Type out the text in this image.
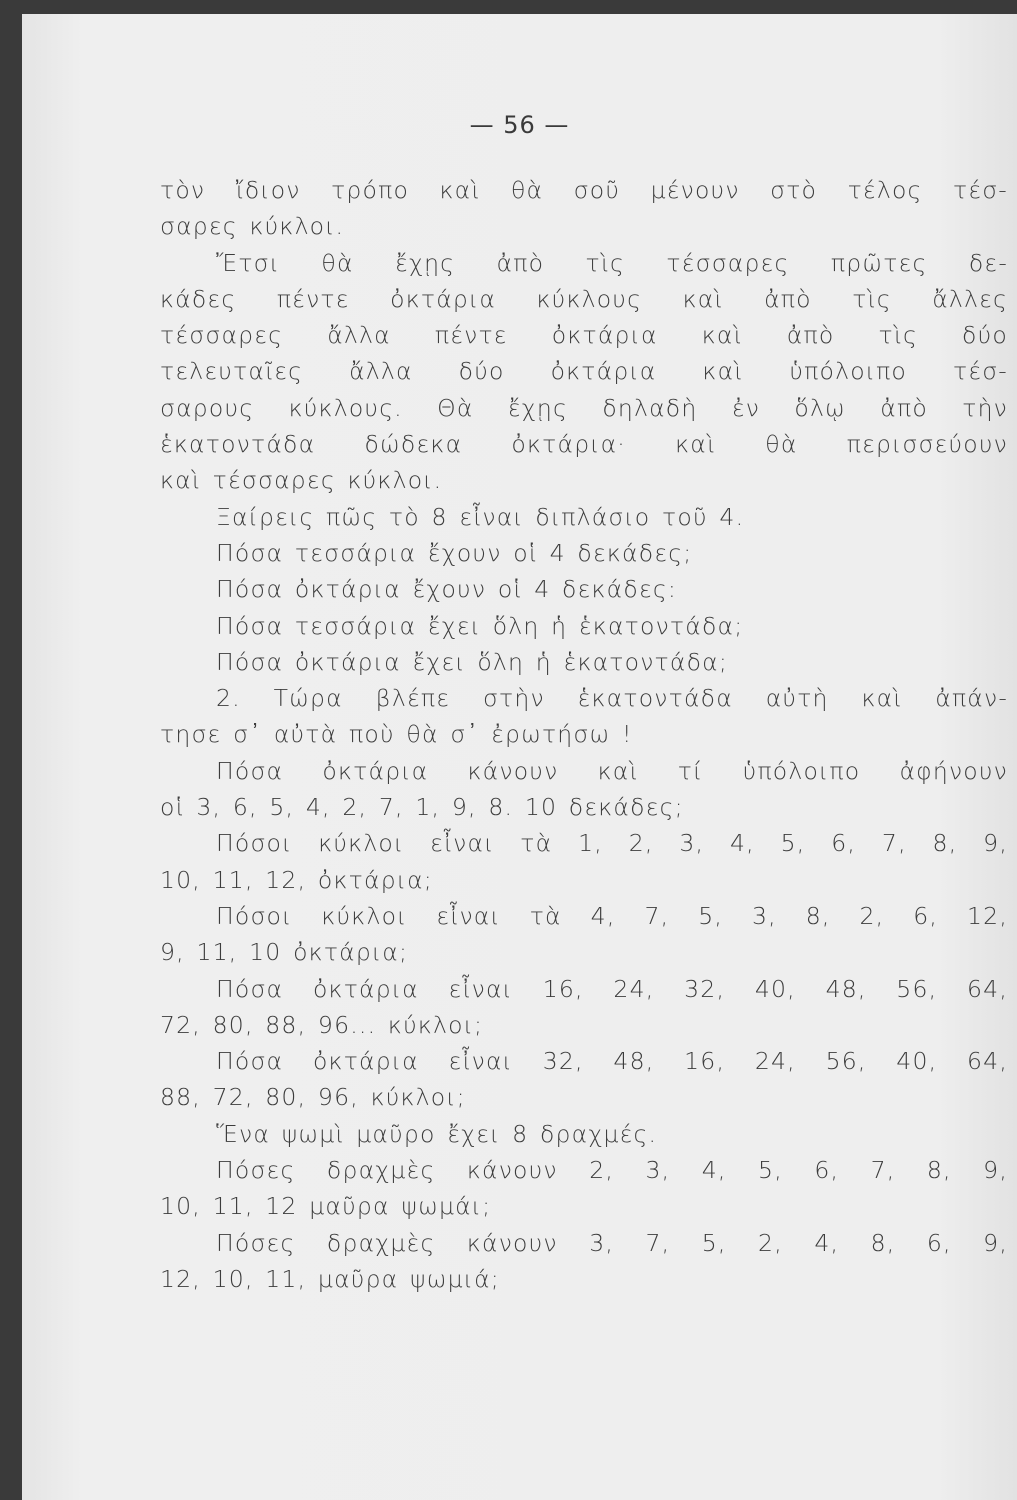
— 56 —
τὸν ἴδιον τρόπο καὶ θὰ σοῦ μένουν στὸ τέλος τέσ-
σαρες κύκλοι.
Ἔτσι θὰ ἔχῃς ἀπὸ τὶς τέσσαρες πρῶτες δε-
κάδες πέντε ὀκτάρια κύκλους καὶ ἀπὸ τὶς ἄλλες
τέσσαρες ἄλλα πέντε ὀκτάρια καὶ ἀπὸ τὶς δύο
τελευταῖες ἄλλα δύο ὀκτάρια καὶ ὑπόλοιπο τέσ-
σαρους κύκλους. Θὰ ἔχῃς δηλαδὴ ἐν ὅλῳ ἀπὸ τὴν
ἑκατοντάδα δώδεκα ὀκτάρια· καὶ θὰ περισσεύουν
καὶ τέσσαρες κύκλοι.
Ξαίρεις πῶς τὸ 8 εἶναι διπλάσιο τοῦ 4.
Πόσα τεσσάρια ἔχουν οἱ 4 δεκάδες;
Πόσα ὀκτάρια ἔχουν οἱ 4 δεκάδες:
Πόσα τεσσάρια ἔχει ὅλη ἡ ἑκατοντάδα;
Πόσα ὀκτάρια ἔχει ὅλη ἡ ἑκατοντάδα;
2. Τώρα βλέπε στὴν ἑκατοντάδα αὐτὴ καὶ ἀπάν-
τησε σ᾽ αὐτὰ ποὺ θὰ σ᾽ ἐρωτήσω !
Πόσα ὀκτάρια κάνουν καὶ τί ὑπόλοιπο ἀφήνουν
οἱ 3, 6, 5, 4, 2, 7, 1, 9, 8. 10 δεκάδες;
Πόσοι κύκλοι εἶναι τὰ 1, 2, 3, 4, 5, 6, 7, 8, 9,
10, 11, 12, ὀκτάρια;
Πόσοι κύκλοι εἶναι τὰ 4, 7, 5, 3, 8, 2, 6, 12,
9, 11, 10 ὀκτάρια;
Πόσα ὀκτάρια εἶναι 16, 24, 32, 40, 48, 56, 64,
72, 80, 88, 96... κύκλοι;
Πόσα ὀκτάρια εἶναι 32, 48, 16, 24, 56, 40, 64,
88, 72, 80, 96, κύκλοι;
Ἕνα ψωμὶ μαῦρο ἔχει 8 δραχμές.
Πόσες δραχμὲς κάνουν 2, 3, 4, 5, 6, 7, 8, 9,
10, 11, 12 μαῦρα ψωμάι;
Πόσες δραχμὲς κάνουν 3, 7, 5, 2, 4, 8, 6, 9,
12, 10, 11, μαῦρα ψωμιά;
